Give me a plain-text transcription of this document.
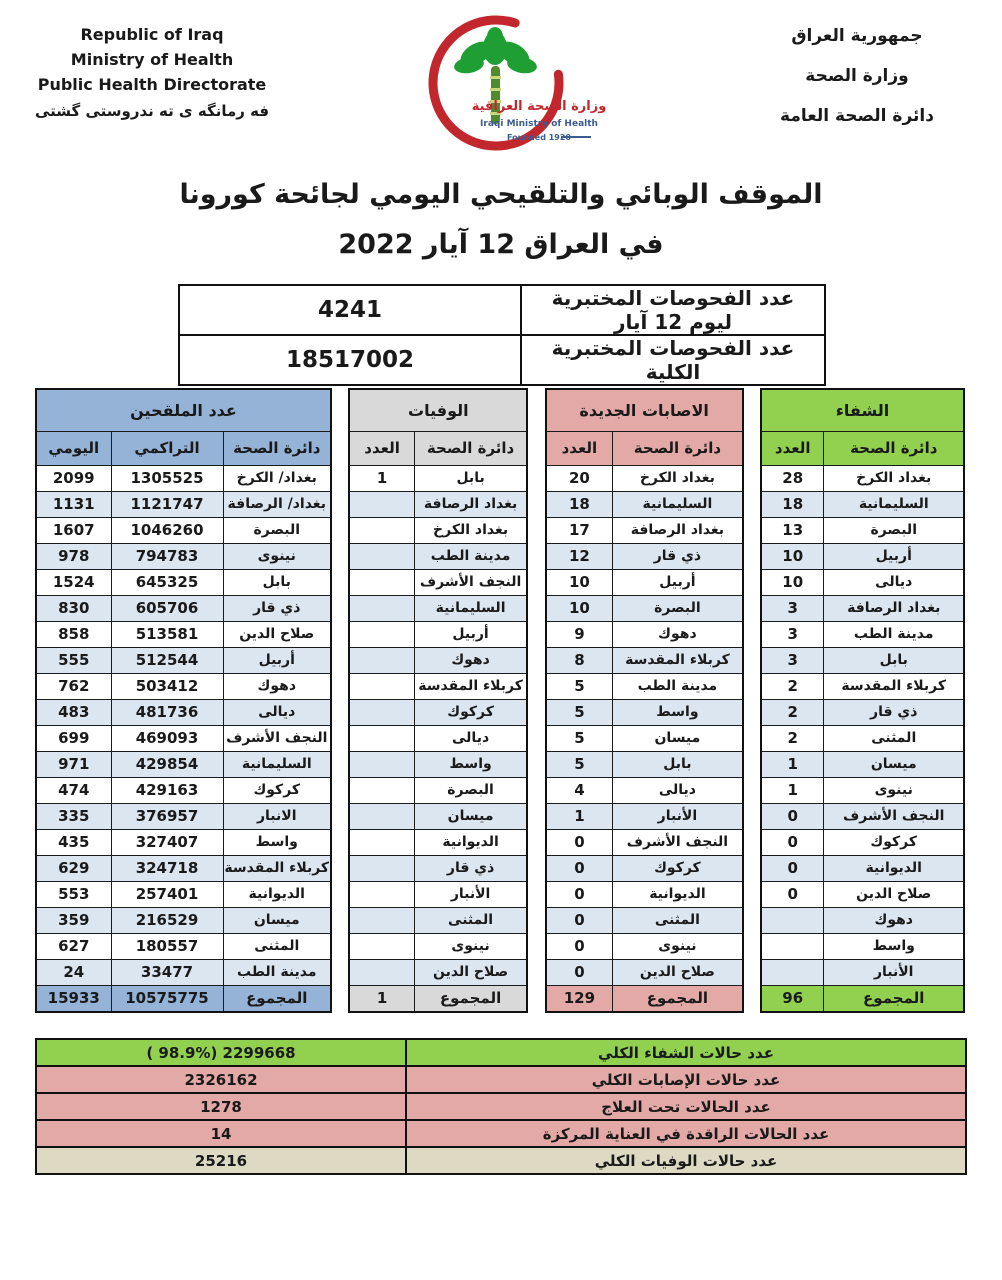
Republic of Iraq
Ministry of Health
Public Health Directorate
فه رمانگه ی ته ندروستی گشتی	وزارة الصحة العراقية
Iraqi Ministry of Health
Founded 1920
جمهورية العراق
وزارة الصحة
دائرة الصحة العامة
الموقف الوبائي والتلقيحي اليومي لجائحة كورونا
في العراق 12 آيار 2022
4241	عدد الفحوصات المختبرية ليوم 12 آيار
18517002	عدد الفحوصات المختبرية الكلية
عدد الملقحين		
اليومي	التراكمي	دائرة الصحة
2099	1305525	بغداد/ الكرخ
1131	1121747	بغداد/ الرصافة
1607	1046260	البصرة
978	794783	نينوى
1524	645325	بابل
830	605706	ذي قار
858	513581	صلاح الدين
555	512544	أربيل
762	503412	دهوك
483	481736	ديالى
699	469093	النجف الأشرف
971	429854	السليمانية
474	429163	كركوك
335	376957	الانبار
435	327407	واسط
629	324718	كربلاء المقدسة
553	257401	الديوانية
359	216529	ميسان
627	180557	المثنى
24	33477	مدينة الطب
15933	10575775	المجموع
الوفيات	
العدد	دائرة الصحة
1	بابل
	بغداد الرصافة
	بغداد الكرخ
	مدينة الطب
	النجف الأشرف
	السليمانية
	أربيل
	دهوك
	كربلاء المقدسة
	كركوك
	ديالى
	واسط
	البصرة
	ميسان
	الديوانية
	ذي قار
	الأنبار
	المثنى
	نينوى
	صلاح الدين
1	المجموع
الاصابات الجديدة	
العدد	دائرة الصحة
20	بغداد الكرخ
18	السليمانية
17	بغداد الرصافة
12	ذي قار
10	أربيل
10	البصرة
9	دهوك
8	كربلاء المقدسة
5	مدينة الطب
5	واسط
5	ميسان
5	بابل
4	ديالى
1	الأنبار
0	النجف الأشرف
0	كركوك
0	الديوانية
0	المثنى
0	نينوى
0	صلاح الدين
129	المجموع
الشفاء	
العدد	دائرة الصحة
28	بغداد الكرخ
18	السليمانية
13	البصرة
10	أربيل
10	ديالى
3	بغداد الرصافة
3	مدينة الطب
3	بابل
2	كربلاء المقدسة
2	ذي قار
2	المثنى
1	ميسان
1	نينوى
0	النجف الأشرف
0	كركوك
0	الديوانية
0	صلاح الدين
	دهوك
	واسط
	الأنبار
96	المجموع
( 98.9%) 2299668	عدد حالات الشفاء الكلي
2326162	عدد حالات الإصابات الكلي
1278	عدد الحالات تحت العلاج
14	عدد الحالات الراقدة في العناية المركزة
25216	عدد حالات الوفيات الكلي
